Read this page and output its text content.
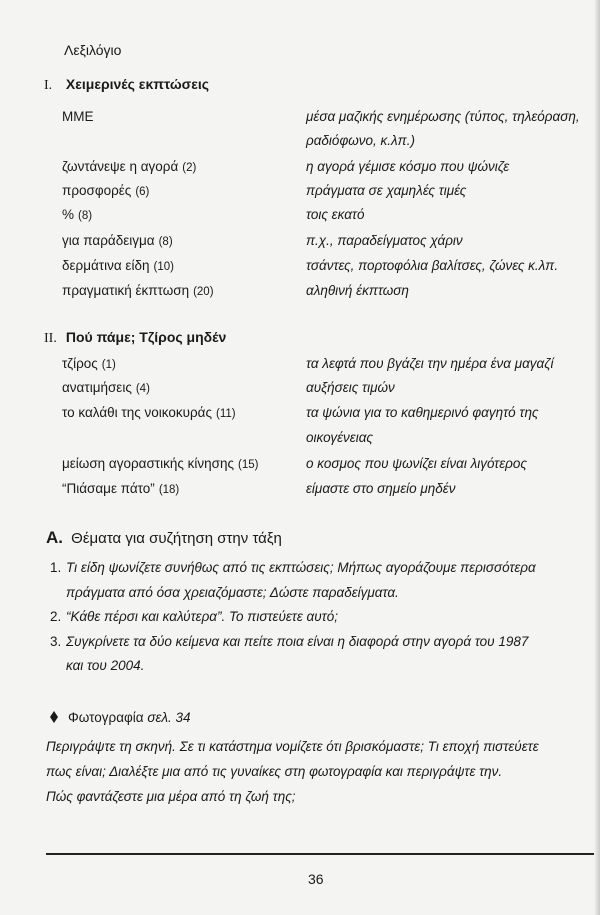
Λεξιλόγιο
I. Χειμερινές εκπτώσεις
ΜΜΕ	μέσα μαζικής ενημέρωσης (τύπος, τηλεόραση,
ραδιόφωνο, κ.λπ.)
ζωντάνεψε η αγορά (2)	η αγορά γέμισε κόσμο που ψώνιζε
προσφορές (6)	πράγματα σε χαμηλές τιμές
% (8)	τοις εκατό
για παράδειγμα (8)	π.χ., παραδείγματος χάριν
δερμάτινα είδη (10)	τσάντες, πορτοφόλια βαλίτσες, ζώνες κ.λπ.
πραγματική έκπτωση (20)	αληθινή έκπτωση
II. Πού πάμε; Τζίρος μηδέν
τζίρος (1)	τα λεφτά που βγάζει την ημέρα ένα μαγαζί
ανατιμήσεις (4)	αυξήσεις τιμών
το καλάθι της νοικοκυράς (11)	τα ψώνια για το καθημερινό φαγητό της
οικογένειας
μείωση αγοραστικής κίνησης (15)	ο κοσμος που ψωνίζει είναι λιγότερος
“Πιάσαμε πάτο” (18)	είμαστε στο σημείο μηδέν
A. Θέματα για συζήτηση στην τάξη
1. Τι είδη ψωνίζετε συνήθως από τις εκπτώσεις; Μήπως αγοράζουμε περισσότερα
πράγματα από όσα χρειαζόμαστε; Δώστε παραδείγματα.
2. “Κάθε πέρσι και καλύτερα”. Το πιστεύετε αυτό;
3. Συγκρίνετε τα δύο κείμενα και πείτε ποια είναι η διαφορά στην αγορά του 1987
και του 2004.
Φωτογραφία σελ. 34
Περιγράψτε τη σκηνή. Σε τι κατάστημα νομίζετε ότι βρισκόμαστε; Τι εποχή πιστεύετε
πως είναι; Διαλέξτε μια από τις γυναίκες στη φωτογραφία και περιγράψτε την.
Πώς φαντάζεστε μια μέρα από τη ζωή της;
36
